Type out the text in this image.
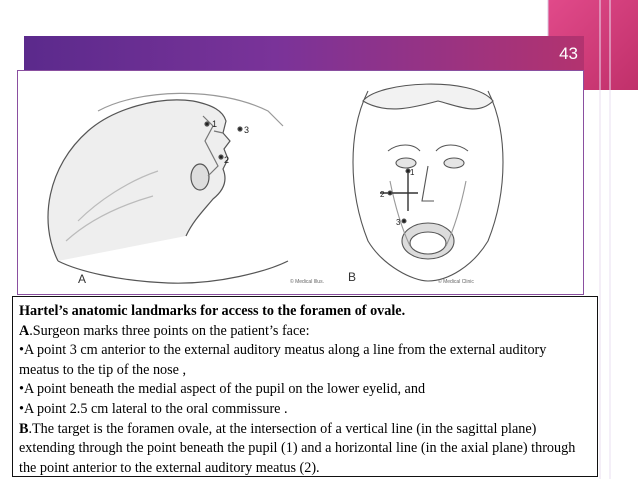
43
1
2
3
A	© Medical Illus.
1
2
3
B	© Medical Clinic

Hartel’s anatomic landmarks for access to the foramen of ovale.

A.Surgeon marks three points on the patient’s face:

•A point 3 cm anterior to the external auditory meatus along a line from the external auditory meatus to the tip of the nose ,

•A point beneath the medial aspect of the pupil on the lower eyelid, and

•A point 2.5 cm lateral to the oral commissure .

B.The target is the foramen ovale, at the intersection of a vertical line (in the sagittal plane) extending through the point beneath the pupil (1) and a horizontal line (in the axial plane) through the point anterior to the external auditory meatus (2).
